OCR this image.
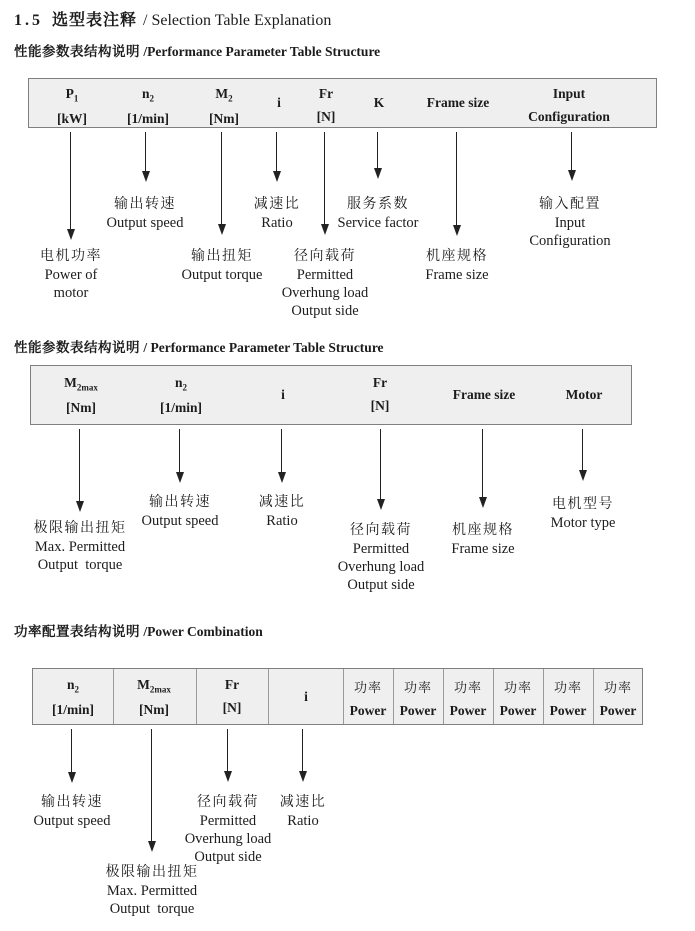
1.5 选型表注释 / Selection Table Explanation
性能参数表结构说明 /Performance Parameter Table Structure
$P_1$
[kW]
$n_2$
[1/min]
$M_2$
[Nm]
i
Fr
[N]
K	Frame size
Input
Configuration
电机功率
Power of
motor
输出转速
Output speed
输出扭矩
Output torque
减速比
Ratio
径向载荷
Permitted
Overhung load
Output side
服务系数
Service factor
机座规格
Frame size
输入配置
Input
Configuration
性能参数表结构说明 / Performance Parameter Table Structure
$M_{2max}$
[Nm]
$n_2$
[1/min]
i
Fr
[N]
Frame size	Motor
极限输出扭矩
Max. Permitted
Output  torque
输出转速
Output speed
减速比
Ratio
径向载荷
Permitted
Overhung load
Output side
机座规格
Frame size
电机型号
Motor type
功率配置表结构说明 /Power Combination
$n_2$
[1/min]
$M_{2max}$
[Nm]
Fr
[N]
i
功率
Power
功率
Power
功率
Power
功率
Power
功率
Power
功率
Power
输出转速
Output speed
极限输出扭矩
Max. Permitted
Output  torque
径向载荷
Permitted
Overhung load
Output side
减速比
Ratio
